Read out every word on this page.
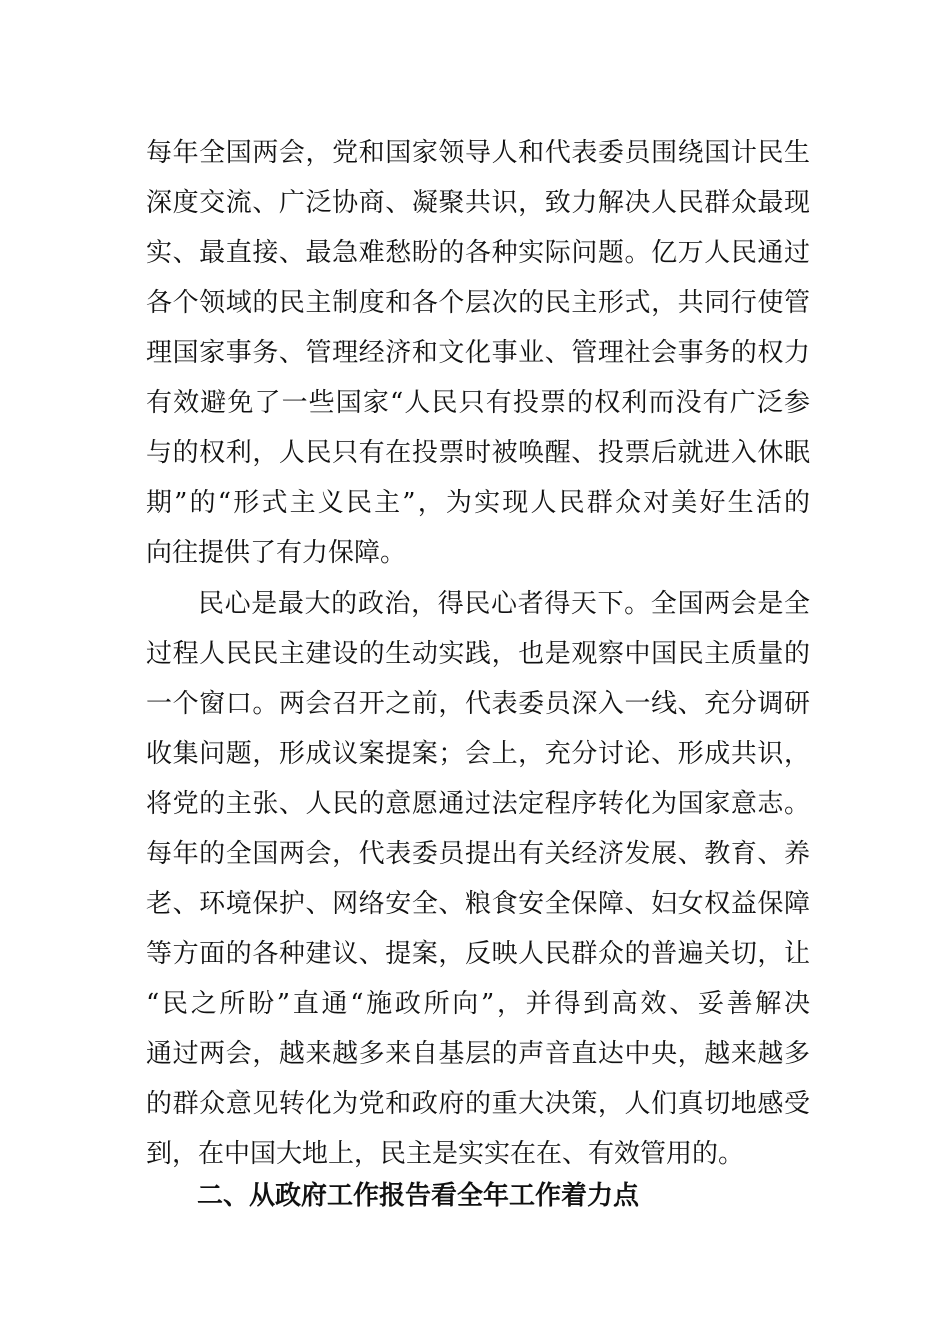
每年全国两会，党和国家领导人和代表委员围绕国计民生
深度交流、广泛协商、凝聚共识，致力解决人民群众最现
实、最直接、最急难愁盼的各种实际问题。亿万人民通过
各个领域的民主制度和各个层次的民主形式，共同行使管
理国家事务、管理经济和文化事业、管理社会事务的权力
有效避免了一些国家“人民只有投票的权利而没有广泛参
与的权利，人民只有在投票时被唤醒、投票后就进入休眠
期”的“形式主义民主”，为实现人民群众对美好生活的
向往提供了有力保障。
民心是最大的政治，得民心者得天下。全国两会是全
过程人民民主建设的生动实践，也是观察中国民主质量的
一个窗口。两会召开之前，代表委员深入一线、充分调研
收集问题，形成议案提案；会上，充分讨论、形成共识，
将党的主张、人民的意愿通过法定程序转化为国家意志。
每年的全国两会，代表委员提出有关经济发展、教育、养
老、环境保护、网络安全、粮食安全保障、妇女权益保障
等方面的各种建议、提案，反映人民群众的普遍关切，让
“民之所盼”直通“施政所向”，并得到高效、妥善解决
通过两会，越来越多来自基层的声音直达中央，越来越多
的群众意见转化为党和政府的重大决策，人们真切地感受
到，在中国大地上，民主是实实在在、有效管用的。
二、从政府工作报告看全年工作着力点
